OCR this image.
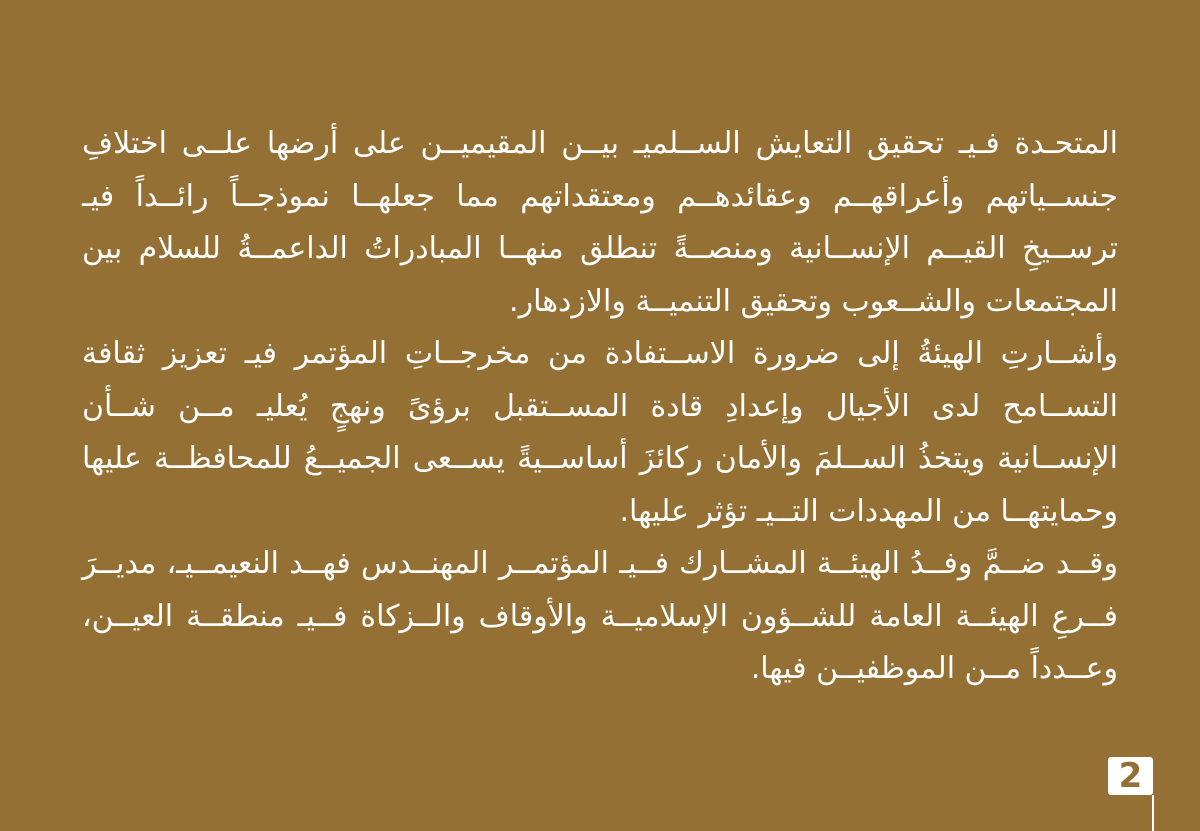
المتحـدة فـيـ تحقيق التعايش الســلميـ بيــن المقيميــن على أرضها علــى اختلافِ جنســياتهم وأعراقهــم وعقائدهــم ومعتقداتهم مما جعلهــا نموذجــاً رائــداً فيـ ترســيخِ القيــم الإنســانية ومنصــةً تنطلق منهــا المبادراتُ الداعمــةُ للسلام بين المجتمعات والشــعوب وتحقيق التنميــة والازدهار.

وأشــارتِ الهيئةُ إلى ضرورة الاســتفادة من مخرجــاتِ المؤتمر فيـ تعزيز ثقافة التســامح لدى الأجيال وإعدادِ قادة المســتقبل برؤىً ونهجٍ يُعليـ مــن شــأن الإنســانية ويتخذُ الســلمَ والأمان ركائزَ أساســيةً يســعى الجميــعُ للمحافظــة عليها وحمايتهــا من المهددات التــيـ تؤثر عليها.

وقــد ضــمَّ وفــدُ الهيئــة المشــارك فــيـ المؤتمــر المهنــدس فهــد النعيمــيـ، مديــرَ فــرعِ الهيئــة العامة للشــؤون الإسلاميــة والأوقاف والــزكاة فــيـ منطقــة العيــن، وعــدداً مــن الموظفيــن فيها.

2
